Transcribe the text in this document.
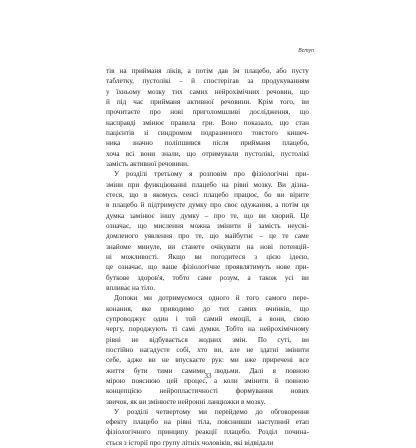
Вступ
тів на прийманя ліків, а потім дав їм плацебо, або пусту
таблетку, пустолікі – й спостерігав за продукуванням
у їхньому мозку тих самих нейрохімічних речовин, що
й під час прийманя активної речовини. Крім того, ви
прочитаєте про нові приголомшливі дослідження, що
насправді змінює правила гри. Воно показало, що стан
пацієнтів зі синдромом подразненого товстого кишеч-
ника значно поліпшився після прийманя плацебо,
хоча всі вони знали, що отримували пустолікі, пустолікі
замість активної речовини.
У розділі третьому я розповім про фізіологічні при-
зміни при функціюванні плацебо на рівні мозку. Ви дізна-
єтеся, що в якомусь сенсі плацебо працює, бо ви вірите
в плацебо й підтримуєте думку про своє одужання, а потім ця
думка замінює іншу думку – про те, що ви хворий. Це
означає, що мислення можна змінити й замість неусві-
домленого уявлення про те, що майбутнє – це те саме
знайоме минуле, ви станете очікувати на нові потенцій-
ні можливості. Якщо ви погодитеся з цією ідеєю,
це означає, що ваше фізіологічне проявлятимуть нове при-
буткове здоров'я, тобто саме розум, а також усі ви
впливає на тіло.
Допоки ми дотримуємося одного й того самого пере-
конання, яке приводимо до тих самих вчинків, що
супроводжує один і той самий емоції, а вони, свою
чергу, породжують ті самі думки. Тобто на нейрохімічному
рівні не відбувається жодних змін. По суті, ви
постійно нагадуєте собі, хто ви, але не здатні змінити
себе, адже ви не впускаєте рук: ми вже приречені все
життя бути тими самими людьми. Далі я повною
мірою пояснюю цей процес, а коли змінити й повною
концепцією нейропластичності формування нових
звичок, як ви змінюєте нейронні ланцюжки в мозку.
У розділі четвертому ми перейдемо до обговорення
ефекту плацебо на рівні тіла, пояснивши наступний етап
фізіологічного принципу реакції плацебо. Розділ почина-
ється з історії про групу літніх чоловіків, які відвідали
33
